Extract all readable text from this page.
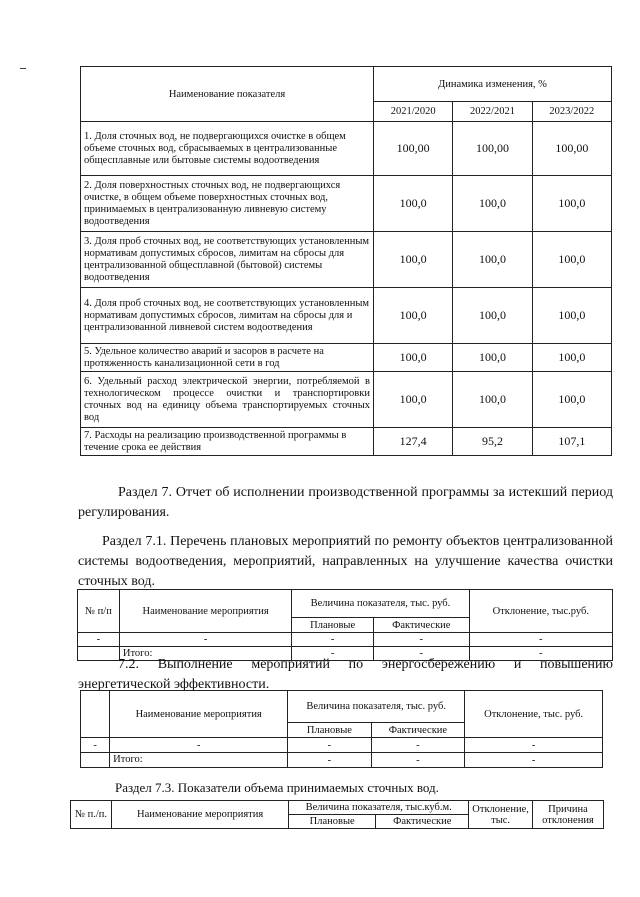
Наименование показателя	Динамика изменения, %		
	2021/2020	2022/2021	2023/2022
1. Доля сточных вод, не подвергающихся очистке в общем объеме сточных вод, сбрасываемых в централизованные общесплавные или бытовые системы водоотведения	100,00	100,00	100,00
2. Доля поверхностных сточных вод, не подвергающихся очистке, в общем объеме поверхностных сточных вод, принимаемых в централизованную ливневую систему водоотведения	100,0	100,0	100,0
3. Доля проб сточных вод, не соответствующих установленным нормативам допустимых сбросов, лимитам на сбросы для централизованной общесплавной (бытовой) системы водоотведения	100,0	100,0	100,0
4. Доля проб сточных вод, не соответствующих установленным нормативам допустимых сбросов, лимитам на сбросы для и централизованной ливневой систем водоотведения	100,0	100,0	100,0
5. Удельное количество аварий и засоров в расчете на протяженность канализационной сети в год	100,0	100,0	100,0
6. Удельный расход электрической энергии, потребляемой в технологическом процессе очистки и транспортировки сточных вод на единицу объема транспортируемых сточных вод	100,0	100,0	100,0
7. Расходы на реализацию производственной программы в течение срока ее действия	127,4	95,2	107,1
Раздел 7. Отчет об исполнении производственной программы за истекший период регулирования.
Раздел 7.1. Перечень плановых мероприятий по ремонту объектов централизованной системы водоотведения, мероприятий, направленных на улучшение качества очистки сточных вод.
№ п/п	Наименование мероприятия	Величина показателя, тыс. руб.		Отклонение, тыс.руб.
		Плановые	Фактические	
-	-	-	-	-
	Итого:	-	-	-
7.2. Выполнение мероприятий по энергосбережению и повышению энергетической эффективности.
	Наименование мероприятия	Величина показателя, тыс. руб.		Отклонение, тыс. руб.
		Плановые	Фактические	
-	-	-	-	-
	Итого:	-	-	-
Раздел 7.3. Показатели объема принимаемых сточных вод.
№ п./п.	Наименование мероприятия	Величина показателя, тыс.куб.м.		Отклонение, тыс.	Причина отклонения
		Плановые	Фактические		
